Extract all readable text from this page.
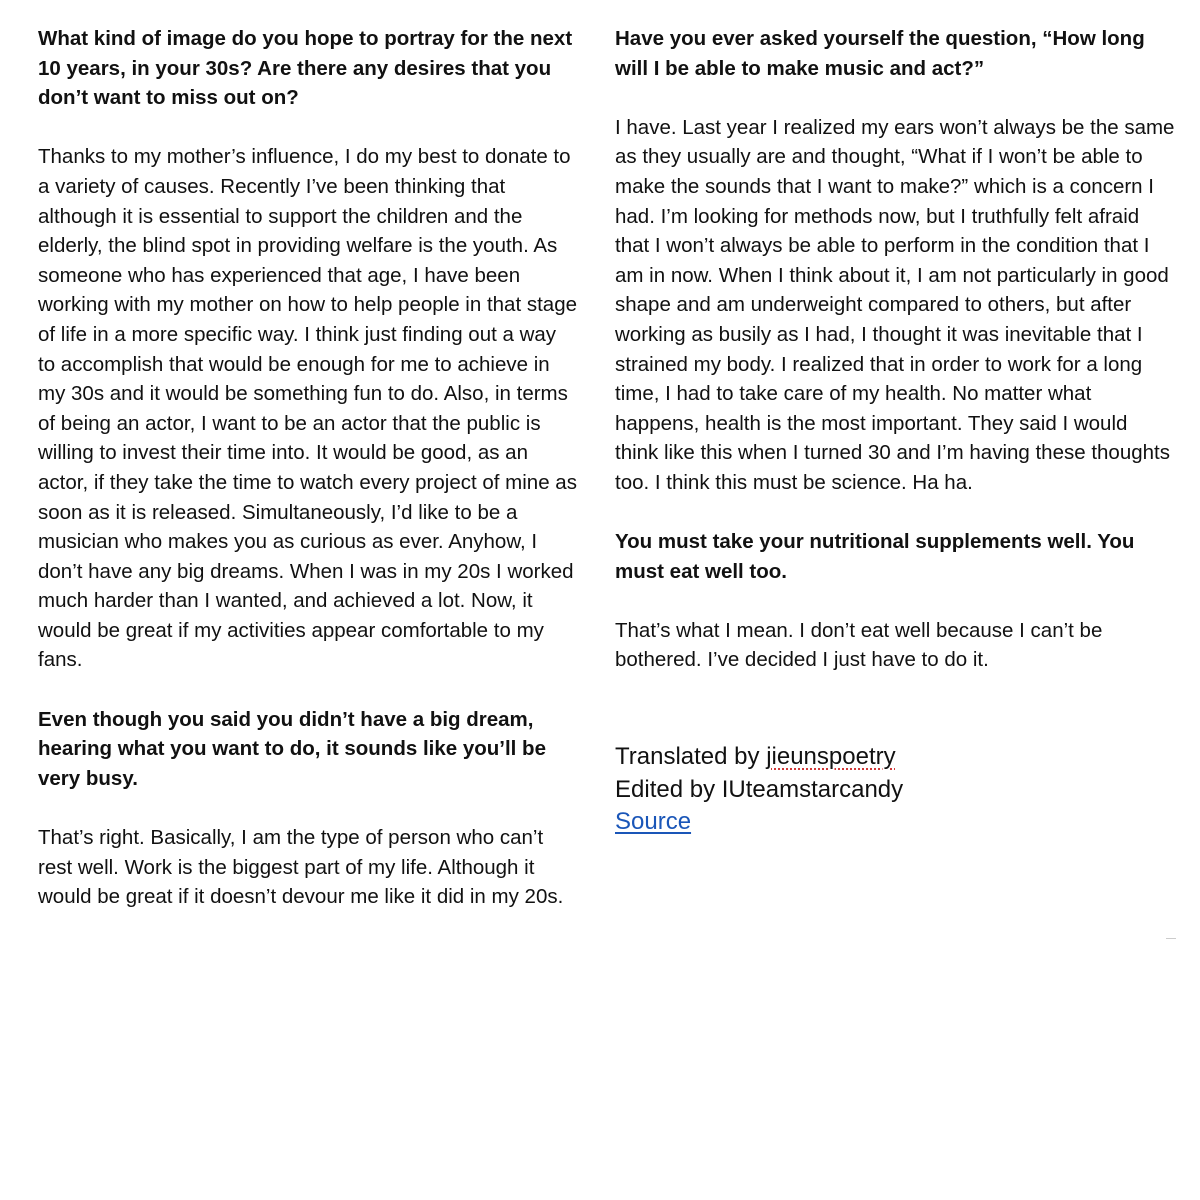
What kind of image do you hope to portray for the next 10 years, in your 30s? Are there any desires that you don’t want to miss out on?

Thanks to my mother’s influence, I do my best to donate to a variety of causes. Recently I’ve been thinking that although it is essential to support the children and the elderly, the blind spot in providing welfare is the youth. As someone who has experienced that age, I have been working with my mother on how to help people in that stage of life in a more specific way. I think just finding out a way to accomplish that would be enough for me to achieve in my 30s and it would be something fun to do. Also, in terms of being an actor, I want to be an actor that the public is willing to invest their time into. It would be good, as an actor, if they take the time to watch every project of mine as soon as it is released. Simultaneously, I’d like to be a musician who makes you as curious as ever. Anyhow, I don’t have any big dreams. When I was in my 20s I worked much harder than I wanted, and achieved a lot. Now, it would be great if my activities appear comfortable to my fans.

Even though you said you didn’t have a big dream, hearing what you want to do, it sounds like you’ll be very busy.

That’s right. Basically, I am the type of person who can’t rest well. Work is the biggest part of my life. Although it would be great if it doesn’t devour me like it did in my 20s.

Have you ever asked yourself the question, “How long will I be able to make music and act?”

I have. Last year I realized my ears won’t always be the same as they usually are and thought, “What if I won’t be able to make the sounds that I want to make?” which is a concern I had. I’m looking for methods now, but I truthfully felt afraid that I won’t always be able to perform in the condition that I am in now. When I think about it, I am not particularly in good shape and am underweight compared to others, but after working as busily as I had, I thought it was inevitable that I strained my body. I realized that in order to work for a long time, I had to take care of my health. No matter what happens, health is the most important. They said I would think like this when I turned 30 and I’m having these thoughts too. I think this must be science. Ha ha.

You must take your nutritional supplements well. You must eat well too.

That’s what I mean. I don’t eat well because I can’t be bothered. I’ve decided I just have to do it.

Translated by jieunspoetry
Edited by IUteamstarcandy
Source
